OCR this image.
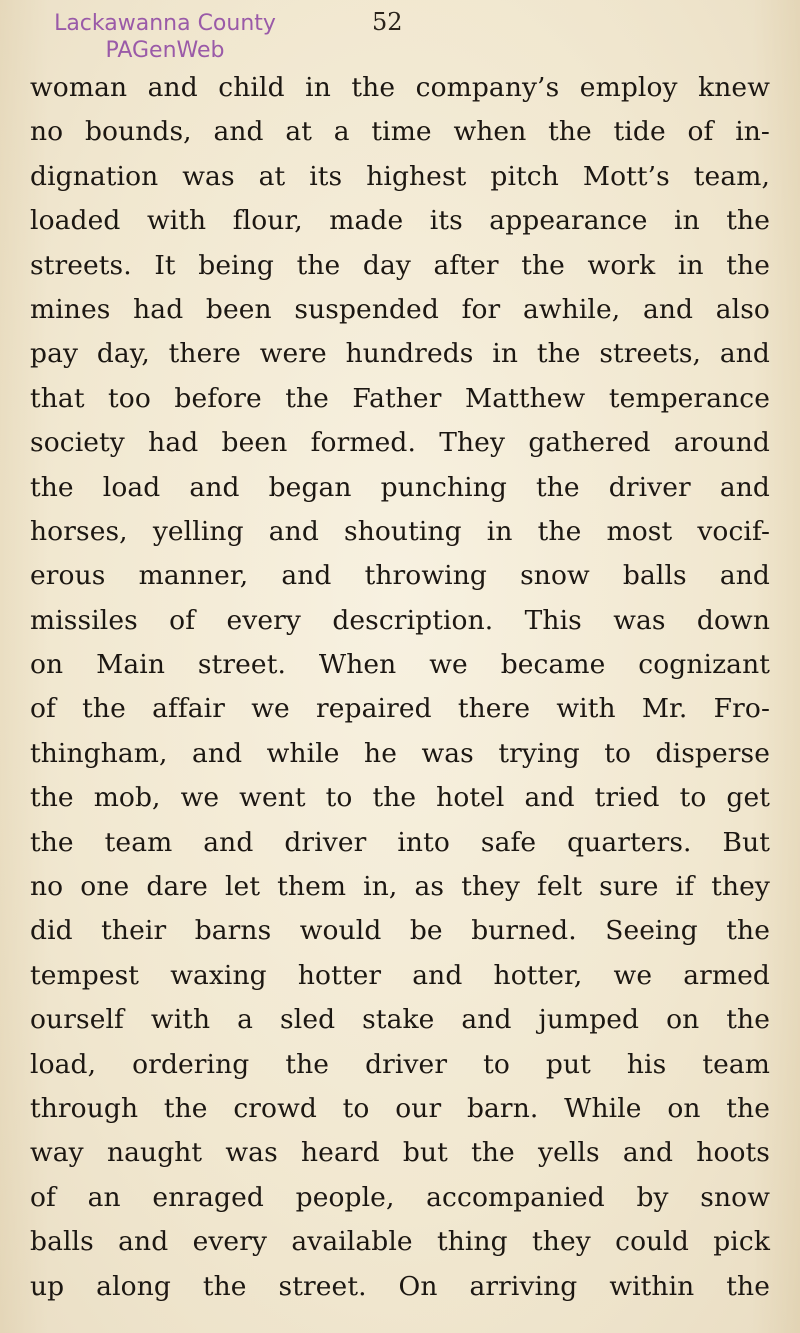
Lackawanna County
PAGenWeb
52
woman and child in the company’s employ knew
no bounds, and at a time when the tide of in-
dignation was at its highest pitch Mott’s team,
loaded with flour, made its appearance in the
streets. It being the day after the work in the
mines had been suspended for awhile, and also
pay day, there were hundreds in the streets, and
that too before the Father Matthew temperance
society had been formed. They gathered around
the load and began punching the driver and
horses, yelling and shouting in the most vocif-
erous manner, and throwing snow balls and
missiles of every description. This was down
on Main street. When we became cognizant
of the affair we repaired there with Mr. Fro-
thingham, and while he was trying to disperse
the mob, we went to the hotel and tried to get
the team and driver into safe quarters. But
no one dare let them in, as they felt sure if they
did their barns would be burned. Seeing the
tempest waxing hotter and hotter, we armed
ourself with a sled stake and jumped on the
load, ordering the driver to put his team
through the crowd to our barn. While on the
way naught was heard but the yells and hoots
of an enraged people, accompanied by snow
balls and every available thing they could pick
up along the street. On arriving within the
